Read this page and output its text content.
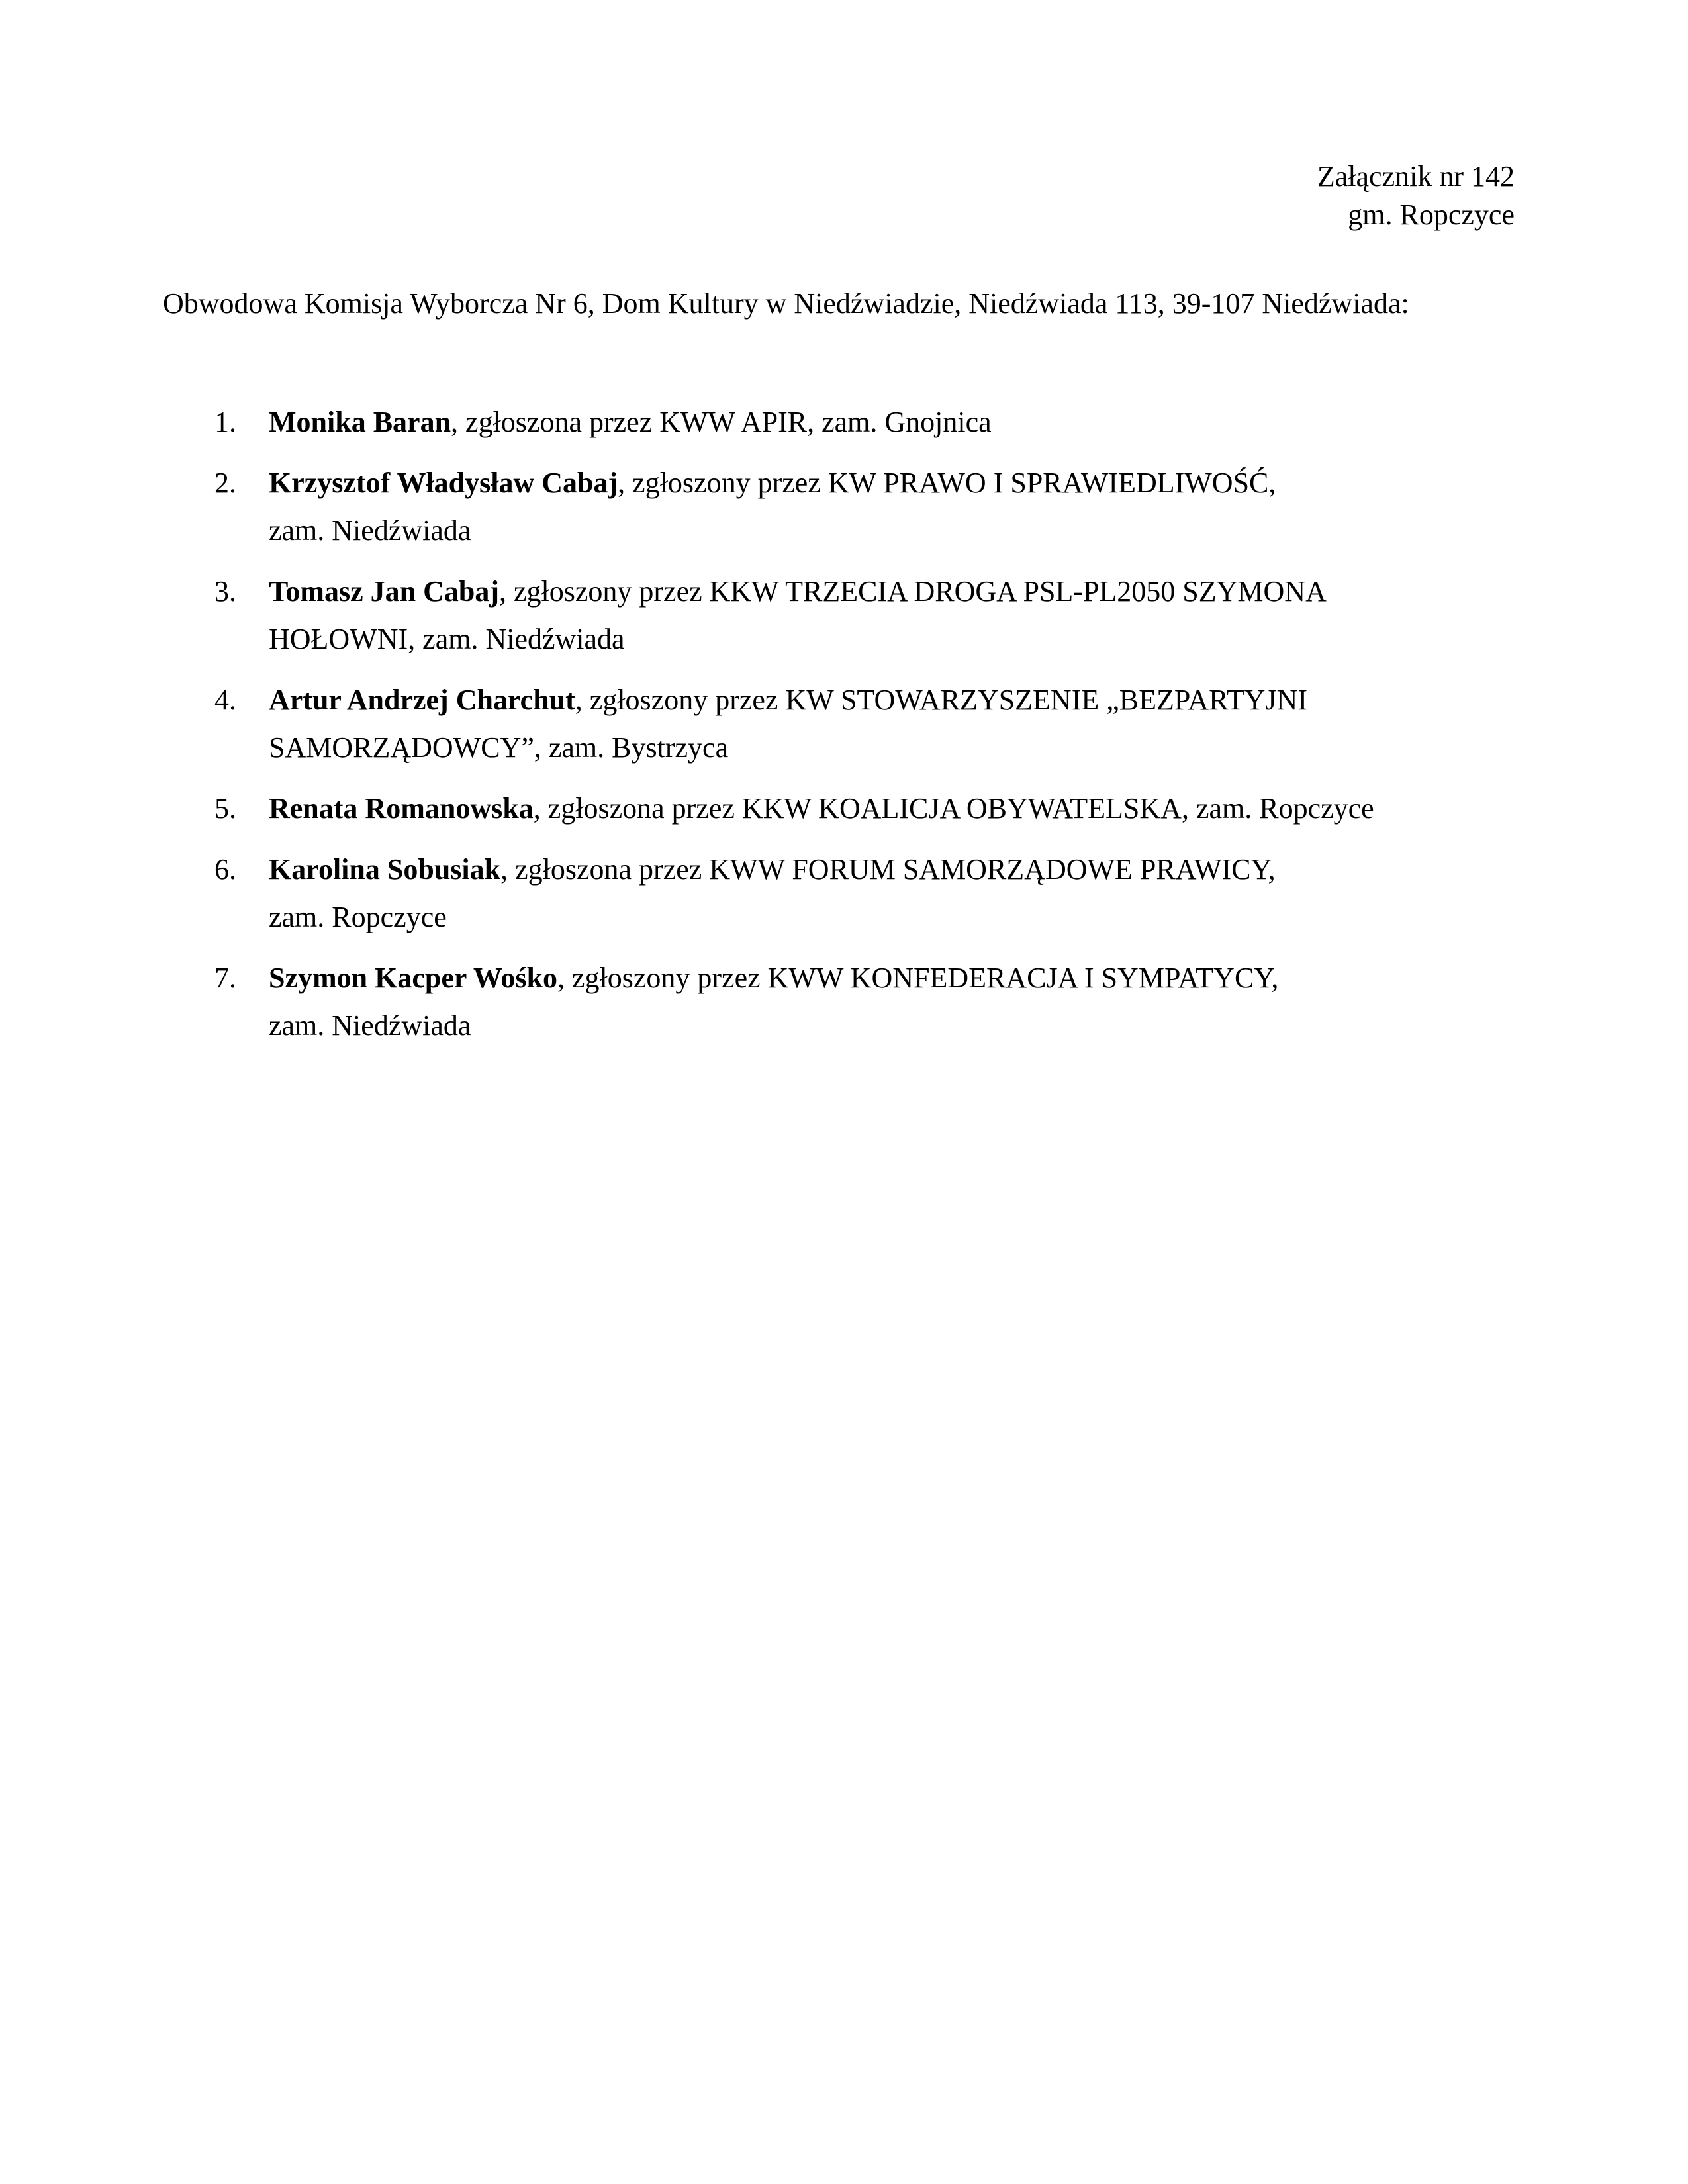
Załącznik nr 142
gm. Ropczyce
Obwodowa Komisja Wyborcza Nr 6, Dom Kultury w Niedźwiadzie, Niedźwiada 113, 39-107 Niedźwiada:
1. Monika Baran, zgłoszona przez KWW APIR, zam. Gnojnica
2. Krzysztof Władysław Cabaj, zgłoszony przez KW PRAWO I SPRAWIEDLIWOŚĆ,
zam. Niedźwiada
3. Tomasz Jan Cabaj, zgłoszony przez KKW TRZECIA DROGA PSL-PL2050 SZYMONA
HOŁOWNI, zam. Niedźwiada
4. Artur Andrzej Charchut, zgłoszony przez KW STOWARZYSZENIE „BEZPARTYJNI
SAMORZĄDOWCY”, zam. Bystrzyca
5. Renata Romanowska, zgłoszona przez KKW KOALICJA OBYWATELSKA, zam. Ropczyce
6. Karolina Sobusiak, zgłoszona przez KWW FORUM SAMORZĄDOWE PRAWICY,
zam. Ropczyce
7. Szymon Kacper Wośko, zgłoszony przez KWW KONFEDERACJA I SYMPATYCY,
zam. Niedźwiada
